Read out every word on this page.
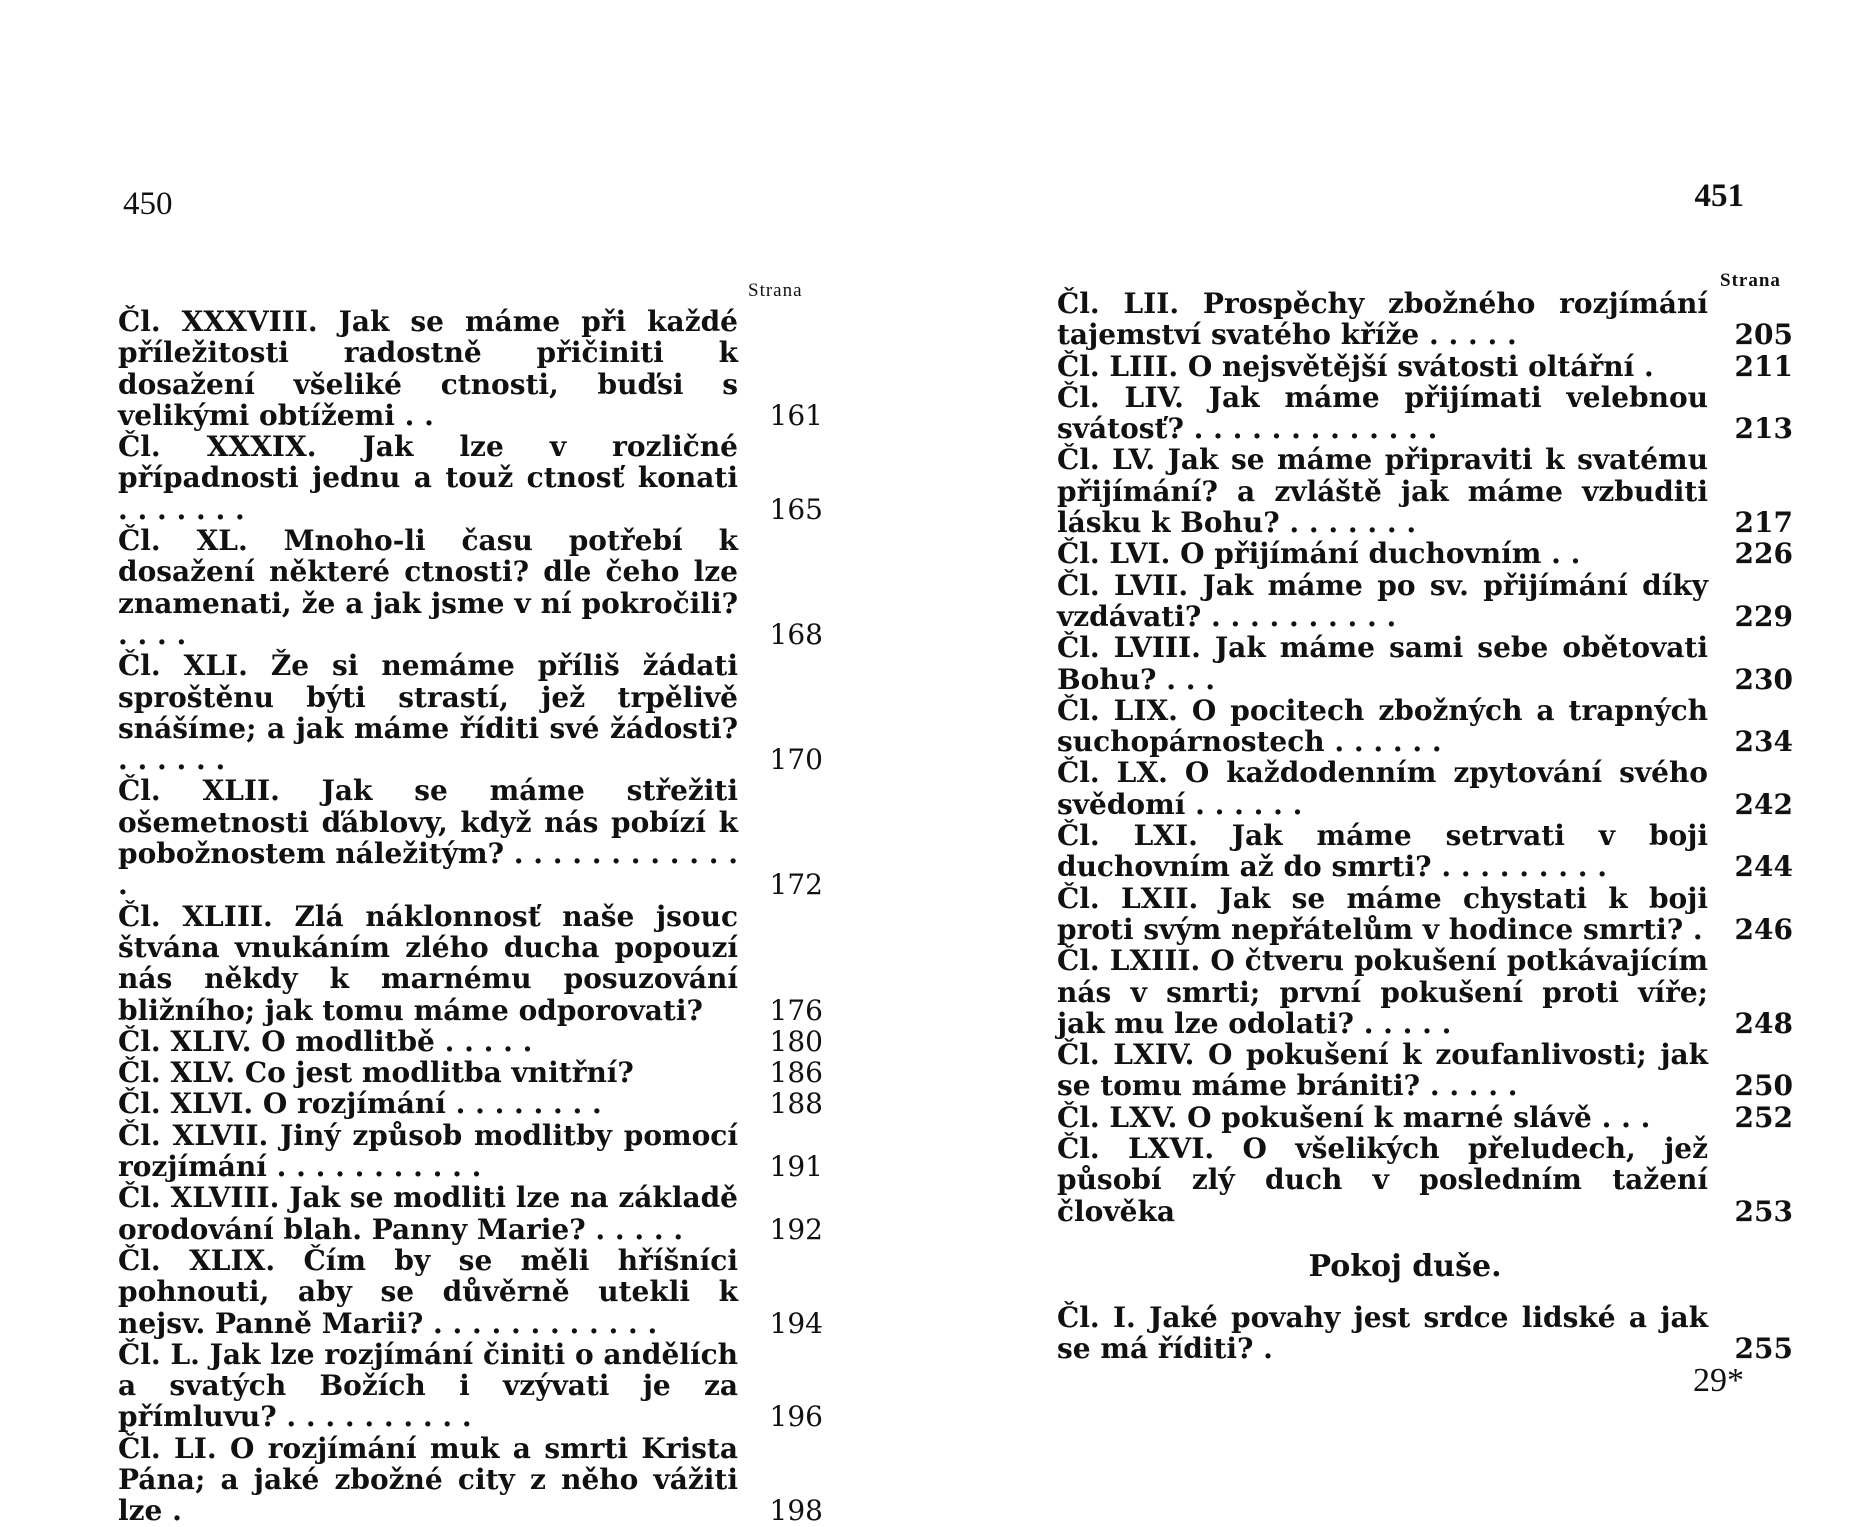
450
Strana
Čl. XXXVIII. Jak se máme při každé příležitosti radostně přičiniti k dosažení všeliké ctnosti, buďsi s velikými obtížemi . .	161
Čl. XXXIX. Jak lze v rozličné případnosti jednu a touž ctnosť konati . . . . . . .	165
Čl. XL. Mnoho-li času potřebí k dosažení některé ctnosti? dle čeho lze znamenati, že a jak jsme v ní pokročili? . . . .	168
Čl. XLI. Že si nemáme příliš žádati sproštěnu býti strastí, jež trpělivě snášíme; a jak máme říditi své žádosti? . . . . . .	170
Čl. XLII. Jak se máme střežiti ošemetnosti ďáblovy, když nás pobízí k pobožnostem náležitým? . . . . . . . . . . . . .	172
Čl. XLIII. Zlá náklonnosť naše jsouc štvána vnukáním zlého ducha popouzí nás někdy k marnému posuzování bližního; jak tomu máme odporovati?	176
Čl. XLIV. O modlitbě . . . . .	180
Čl. XLV. Co jest modlitba vnitřní?	186
Čl. XLVI. O rozjímání . . . . . . . .	188
Čl. XLVII. Jiný způsob modlitby pomocí rozjímání . . . . . . . . . . .	191
Čl. XLVIII. Jak se modliti lze na základě orodování blah. Panny Marie? . . . . .	192
Čl. XLIX. Čím by se měli hříšníci pohnouti, aby se důvěrně utekli k nejsv. Panně Marii? . . . . . . . . . . . .	194
Čl. L. Jak lze rozjímání činiti o andělích a svatých Božích i vzývati je za přímluvu? . . . . . . . . . .	196
Čl. LI. O rozjímání muk a smrti Krista Pána; a jaké zbožné city z něho vážiti lze .	198
451
Strana
Čl. LII. Prospěchy zbožného rozjímání tajemství svatého kříže . . . . .	205
Čl. LIII. O nejsvětější svátosti oltářní .	211
Čl. LIV. Jak máme přijímati velebnou svátosť? . . . . . . . . . . . . .	213
Čl. LV. Jak se máme připraviti k svatému přijímání? a zvláště jak máme vzbuditi lásku k Bohu? . . . . . . .	217
Čl. LVI. O přijímání duchovním . .	226
Čl. LVII. Jak máme po sv. přijímání díky vzdávati? . . . . . . . . . .	229
Čl. LVIII. Jak máme sami sebe obětovati Bohu? . . .	230
Čl. LIX. O pocitech zbožných a trapných suchopárnostech . . . . . .	234
Čl. LX. O každodenním zpytování svého svědomí . . . . . .	242
Čl. LXI. Jak máme setrvati v boji duchovním až do smrti? . . . . . . . . .	244
Čl. LXII. Jak se máme chystati k boji proti svým nepřátelům v hodince smrti? .	246
Čl. LXIII. O čtveru pokušení potkávajícím nás v smrti; první pokušení proti víře; jak mu lze odolati? . . . . .	248
Čl. LXIV. O pokušení k zoufanlivosti; jak se tomu máme brániti? . . . . .	250
Čl. LXV. O pokušení k marné slávě . . .	252
Čl. LXVI. O všelikých přeludech, jež působí zlý duch v posledním tažení člověka	253
Pokoj duše.
Čl. I. Jaké povahy jest srdce lidské a jak se má říditi? .	255
29*
